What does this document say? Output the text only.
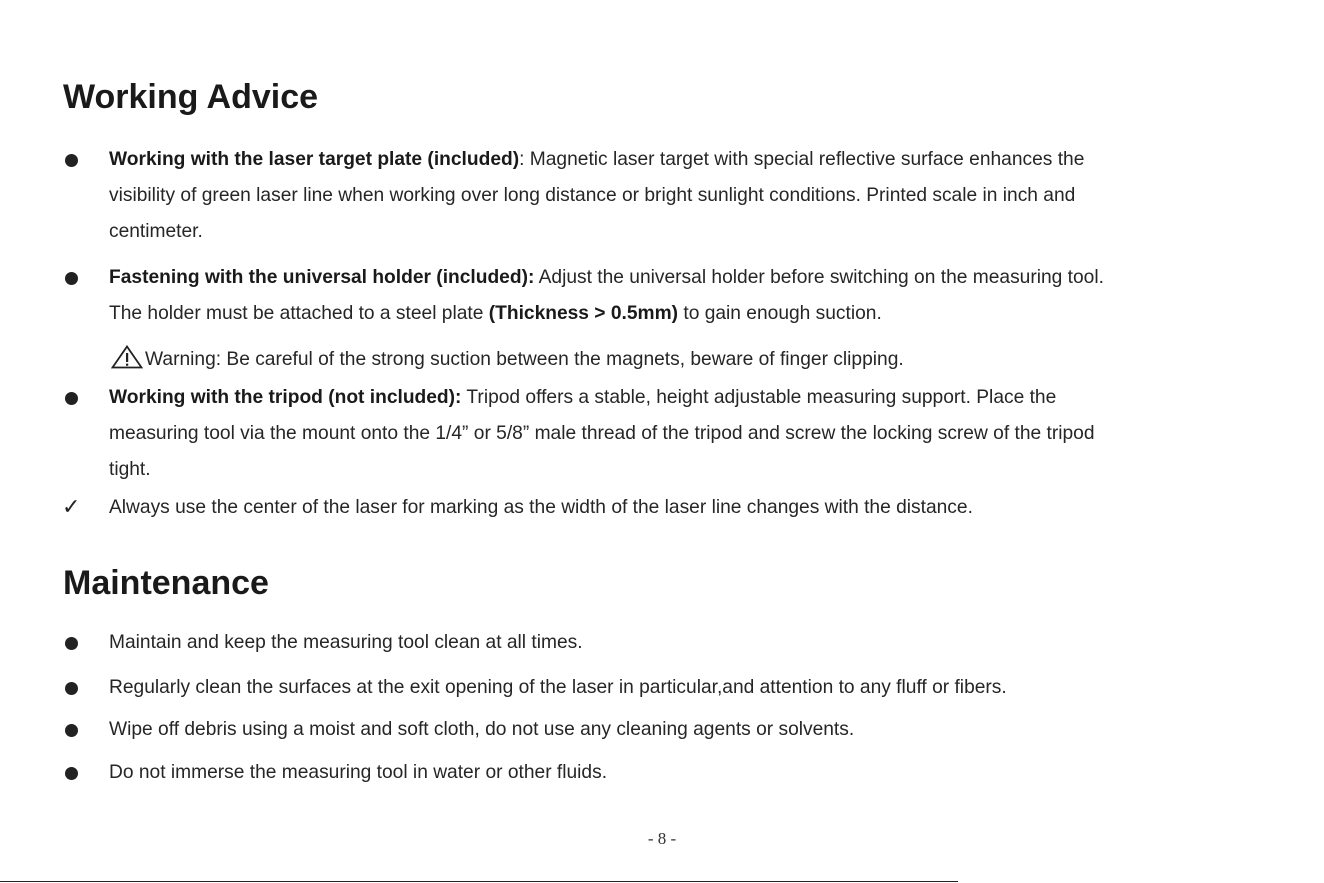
Working Advice
Working with the laser target plate (included): Magnetic laser target with special reflective surface enhances the
visibility of green laser line when working over long distance or bright sunlight conditions. Printed scale in inch and
centimeter.
Fastening with the universal holder (included): Adjust the universal holder before switching on the measuring tool.
The holder must be attached to a steel plate (Thickness > 0.5mm) to gain enough suction.
Warning: Be careful of the strong suction between the magnets, beware of finger clipping.
Working with the tripod (not included): Tripod offers a stable, height adjustable measuring support. Place the
measuring tool via the mount onto the 1/4” or 5/8” male thread of the tripod and screw the locking screw of the tripod
tight.
✓ Always use the center of the laser for marking as the width of the laser line changes with the distance.
Maintenance
Maintain and keep the measuring tool clean at all times.
Regularly clean the surfaces at the exit opening of the laser in particular,and attention to any fluff or fibers.
Wipe off debris using a moist and soft cloth, do not use any cleaning agents or solvents.
Do not immerse the measuring tool in water or other fluids.
- 8 -
